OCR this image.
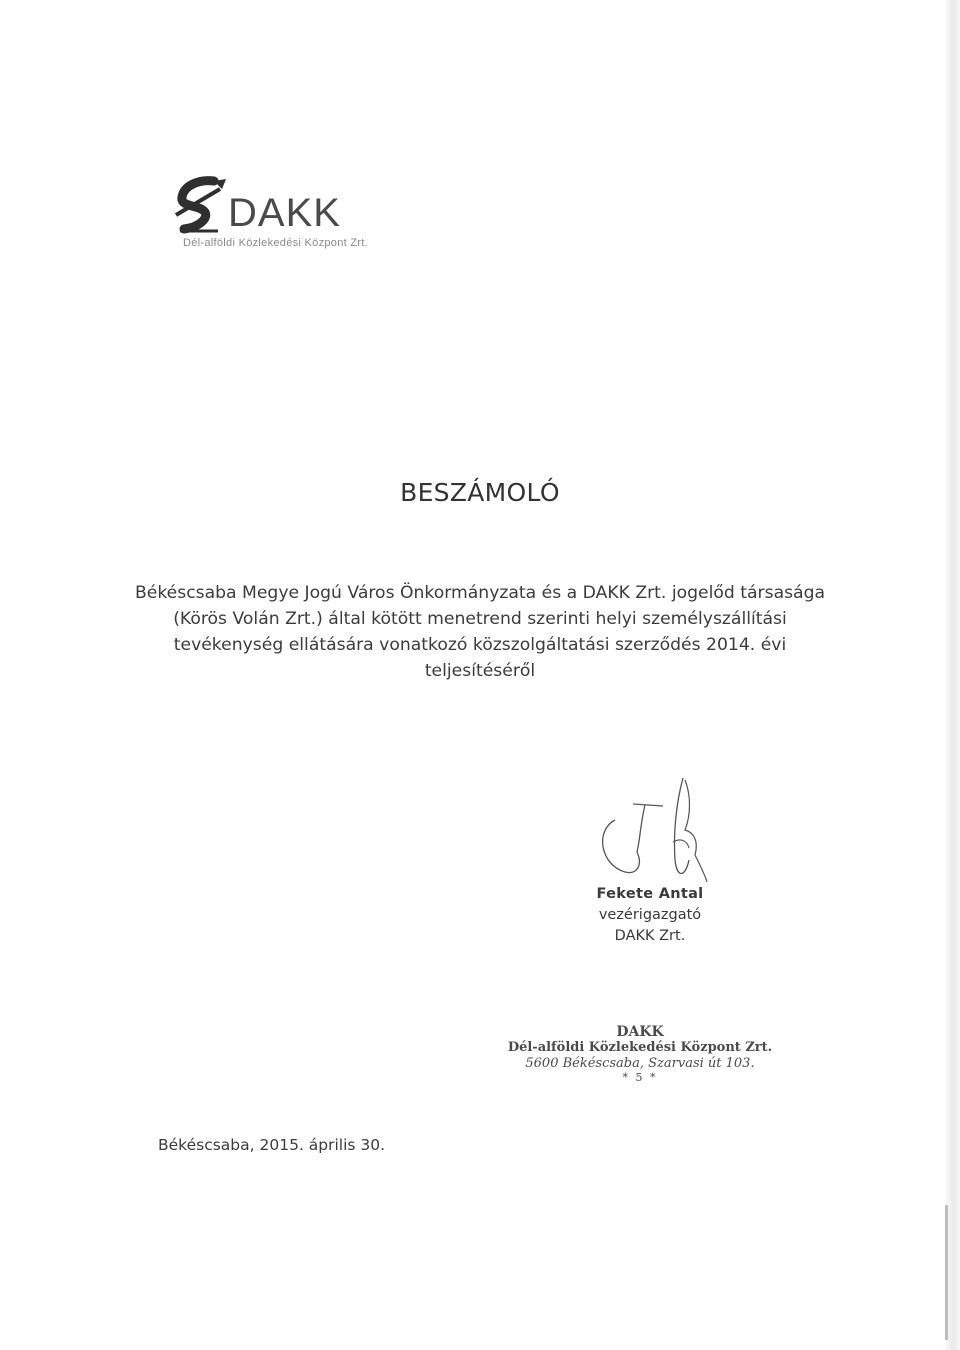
DAKK
Dél-alföldi Közlekedési Központ Zrt.
BESZÁMOLÓ
Békéscsaba Megye Jogú Város Önkormányzata és a DAKK Zrt. jogelőd társasága
(Körös Volán Zrt.) által kötött menetrend szerinti helyi személyszállítási
tevékenység ellátására vonatkozó közszolgáltatási szerződés 2014. évi
teljesítéséről
Fekete Antal
vezérigazgató
DAKK Zrt.
DAKK
Dél-alföldi Közlekedési Központ Zrt.
5600 Békéscsaba, Szarvasi út 103.
* 5 *
Békéscsaba, 2015. április 30.
